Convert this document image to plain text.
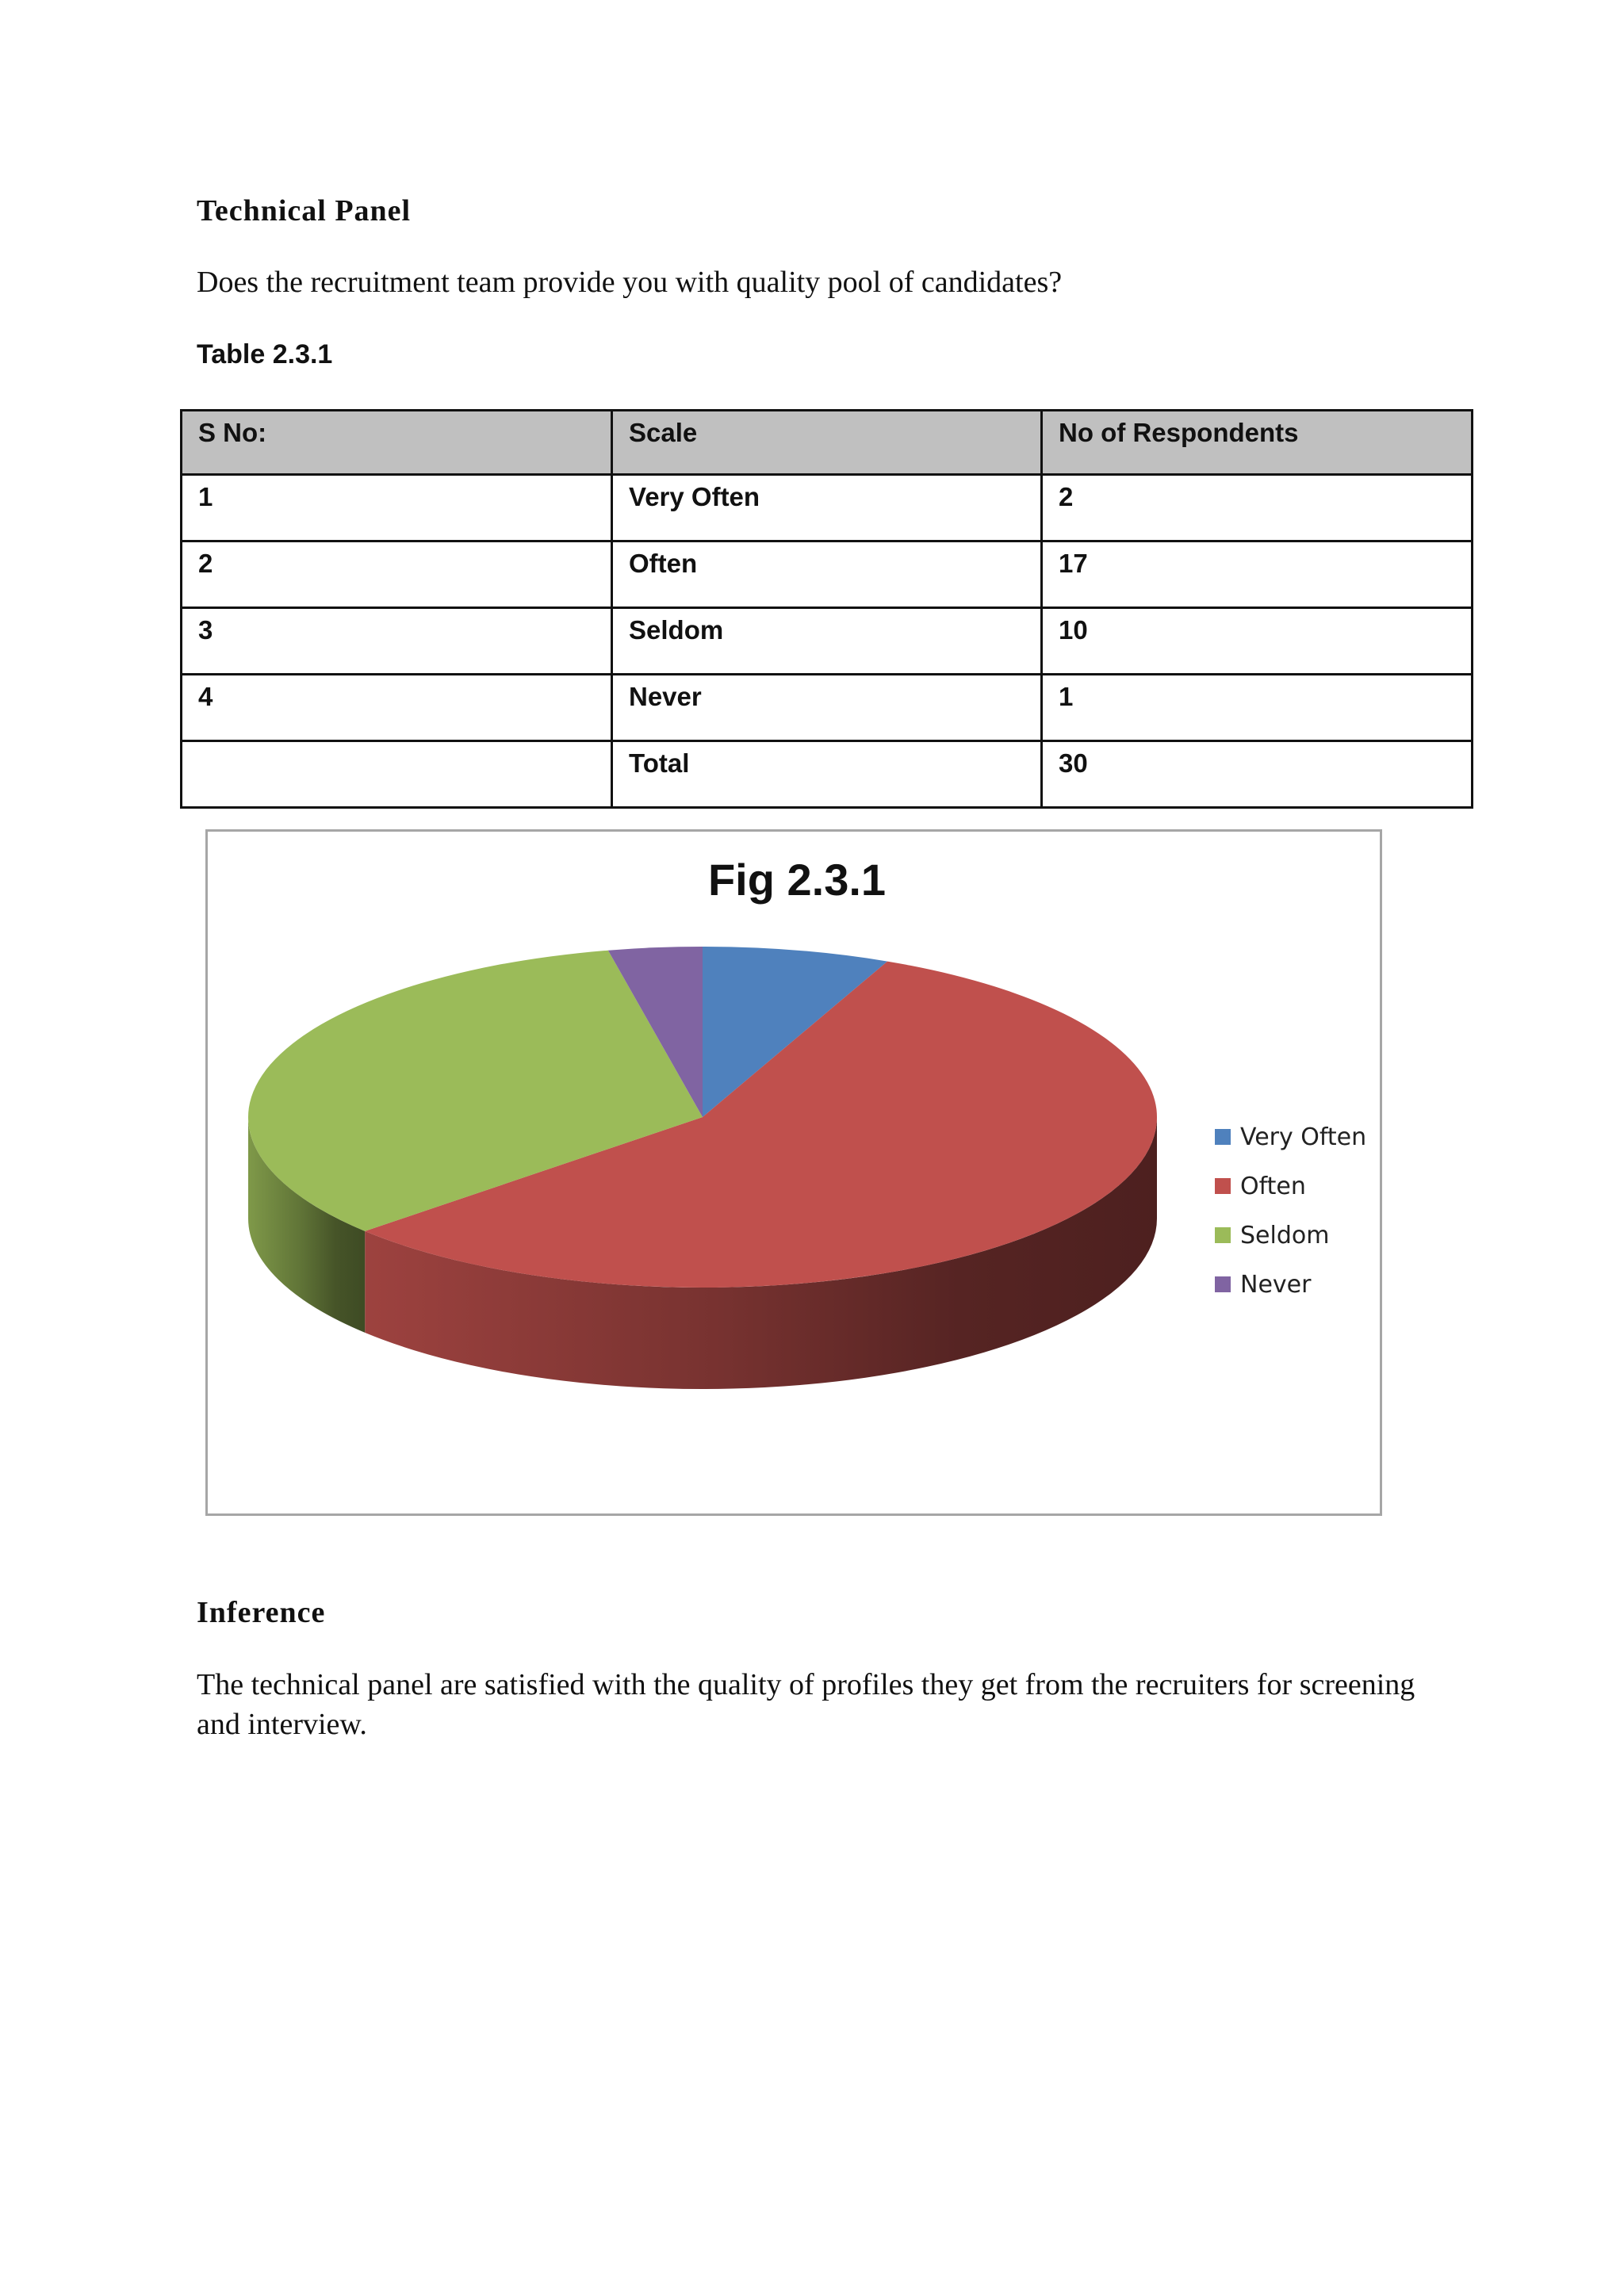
Technical Panel
Does the recruitment team provide you with quality pool of candidates?
Table 2.3.1
S No:	Scale	No of Respondents
1	Very Often	2
2	Often	17
3	Seldom	10
4	Never	1
	Total	30
Fig 2.3.1
Very Often
Often
Seldom
Never
Inference
The technical panel are satisfied with the quality of profiles they get from the recruiters for screening and interview.
